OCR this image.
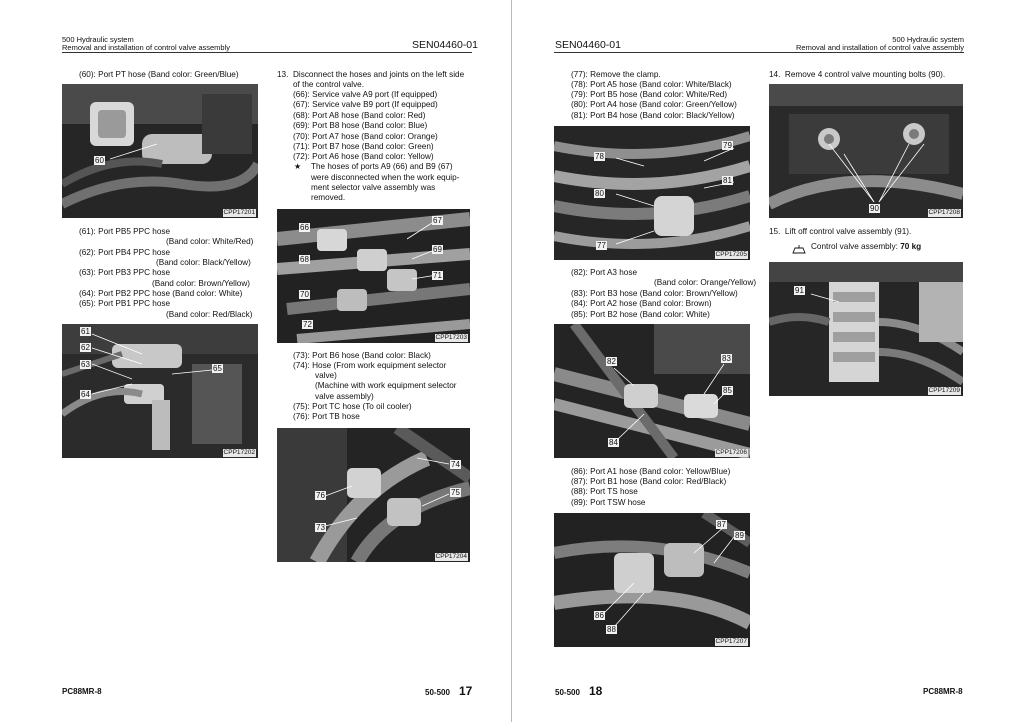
500 Hydraulic system
Removal and installation of control valve assembly	SEN04460-01
(60): Port PT hose (Band color: Green/Blue)
60
CPP17201
(61): Port PB5 PPC hose
(Band color: White/Red)
(62): Port PB4 PPC hose
(Band color: Black/Yellow)
(63): Port PB3 PPC hose
(Band color: Brown/Yellow)
(64): Port PB2 PPC hose (Band color: White)
(65): Port PB1 PPC hose
(Band color: Red/Black)
61
62
63
64
65
CPP17202
13. Disconnect the hoses and joints on the left side
of the control valve.
(66): Service valve A9 port (If equipped)
(67): Service valve B9 port (If equipped)
(68): Port A8 hose (Band color: Red)
(69): Port B8 hose (Band color: Blue)
(70): Port A7 hose (Band color: Orange)
(71): Port B7 hose (Band color: Green)
(72): Port A6 hose (Band color: Yellow)
★ The hoses of ports A9 (66) and B9 (67)
were disconnected when the work equip-
ment selector valve assembly was
removed.
66
67
68
69
70
71
72
CPP17203
(73): Port B6 hose (Band color: Black)
(74): Hose (From work equipment selector
valve)
(Machine with work equipment selector
valve assembly)
(75): Port TC hose (To oil cooler)
(76): Port TB hose
74
75
76
73
CPP17204
PC88MR-8	50-500 17
SEN04460-01	500 Hydraulic system
Removal and installation of control valve assembly
(77): Remove the clamp.
(78): Port A5 hose (Band color: White/Black)
(79): Port B5 hose (Band color: White/Red)
(80): Port A4 hose (Band color: Green/Yellow)
(81): Port B4 hose (Band color: Black/Yellow)
78
79
81
80
77
CPP17205
(82): Port A3 hose
(Band color: Orange/Yellow)
(83): Port B3 hose (Band color: Brown/Yellow)
(84): Port A2 hose (Band color: Brown)
(85): Port B2 hose (Band color: White)
82	83
85
84
CPP17206
(86): Port A1 hose (Band color: Yellow/Blue)
(87): Port B1 hose (Band color: Red/Black)
(88): Port TS hose
(89): Port TSW hose
87
89
86
88
CPP17207
14.  Remove 4 control valve mounting bolts (90).
90	CPP17208
15.  Lift off control valve assembly (91).
Control valve assembly: 70 kg
91
CPP17209
50-500 18	PC88MR-8
